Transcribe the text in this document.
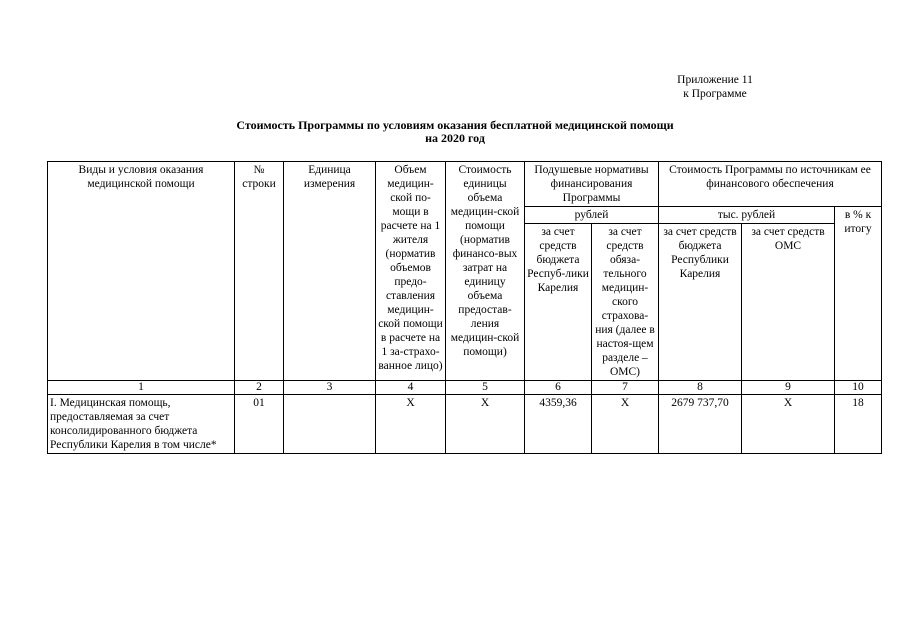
Приложение 11
к Программе
Стоимость Программы по условиям оказания бесплатной медицинской помощи
на 2020 год
Виды и условия оказания медицинской помощи	№ строки	Единица измерения	Объем медицин-ской по-мощи в расчете на 1 жителя (норматив объемов предо-ставления медицин-ской помощи в расчете на 1 за-страхо-ванное лицо)	Стоимость единицы объема медицин-ской помощи (норматив финансо-вых затрат на единицу объема предостав-ления медицин-ской помощи)	Подушевые нормативы финансирования Программы		Стоимость Программы по источникам ее финансового обеспечения		
					рублей		тыс. рублей		в % к итогу
					за счет средств бюджета Респуб-лики Карелия	за счет средств обяза-тельного медицин-ского страхова-ния (далее в настоя-щем разделе – ОМС)	за счет средств бюджета Республики Карелия	за счет средств ОМС	
1	2	3	4	5	6	7	8	9	10
I. Медицинская помощь, предоставляемая за счет консолидированного бюджета Республики Карелия в том числе*	01		Х	Х	4359,36	Х	2679 737,70	Х	18
